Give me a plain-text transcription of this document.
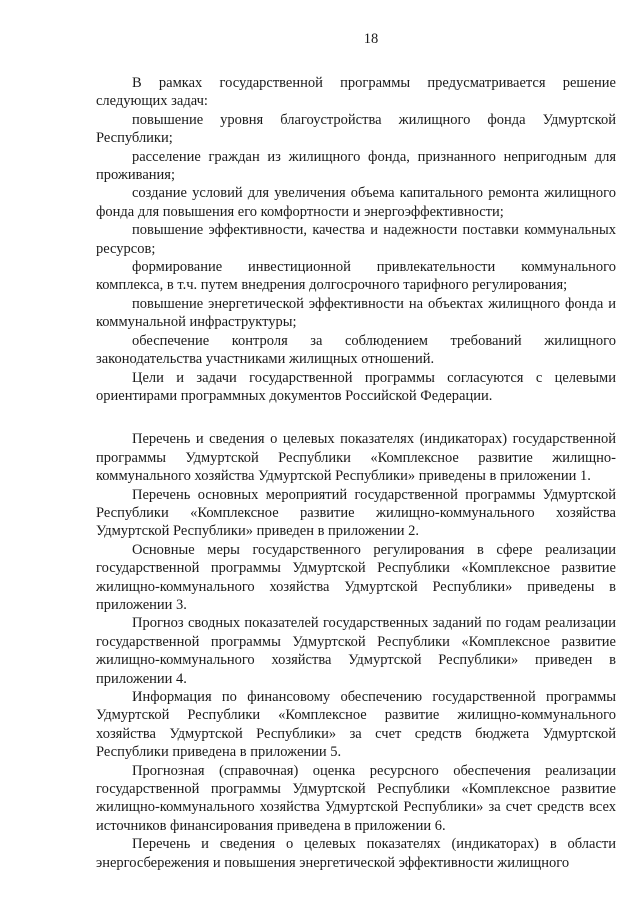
18

В рамках государственной программы предусматривается решение следующих задач:

повышение уровня благоустройства жилищного фонда Удмуртской Республики;

расселение граждан из жилищного фонда, признанного непригодным для проживания;

создание условий для увеличения объема капитального ремонта жилищного фонда для повышения его комфортности и энергоэффективности;

повышение эффективности, качества и надежности поставки коммунальных ресурсов;

формирование инвестиционной привлекательности коммунального комплекса, в т.ч. путем внедрения долгосрочного тарифного регулирования;

повышение энергетической эффективности на объектах жилищного фонда и коммунальной инфраструктуры;

обеспечение контроля за соблюдением требований жилищного законодательства участниками жилищных отношений.

Цели и задачи государственной программы согласуются с целевыми ориентирами программных документов Российской Федерации.

Перечень и сведения о целевых показателях (индикаторах) государственной программы Удмуртской Республики «Комплексное развитие жилищно-коммунального хозяйства Удмуртской Республики» приведены в приложении 1.

Перечень основных мероприятий государственной программы Удмуртской Республики «Комплексное развитие жилищно-коммунального хозяйства Удмуртской Республики» приведен в приложении 2.

Основные меры государственного регулирования в сфере реализации государственной программы Удмуртской Республики «Комплексное развитие жилищно-коммунального хозяйства Удмуртской Республики» приведены в приложении 3.

Прогноз сводных показателей государственных заданий по годам реализации государственной программы Удмуртской Республики «Комплексное развитие жилищно-коммунального хозяйства Удмуртской Республики» приведен в приложении 4.

Информация по финансовому обеспечению государственной программы Удмуртской Республики «Комплексное развитие жилищно-коммунального хозяйства Удмуртской Республики» за счет средств бюджета Удмуртской Республики приведена в приложении 5.

Прогнозная (справочная) оценка ресурсного обеспечения реализации государственной программы Удмуртской Республики «Комплексное развитие жилищно-коммунального хозяйства Удмуртской Республики» за счет средств всех источников финансирования приведена в приложении 6.

Перечень и сведения о целевых показателях (индикаторах) в области энергосбережения и повышения энергетической эффективности жилищного
